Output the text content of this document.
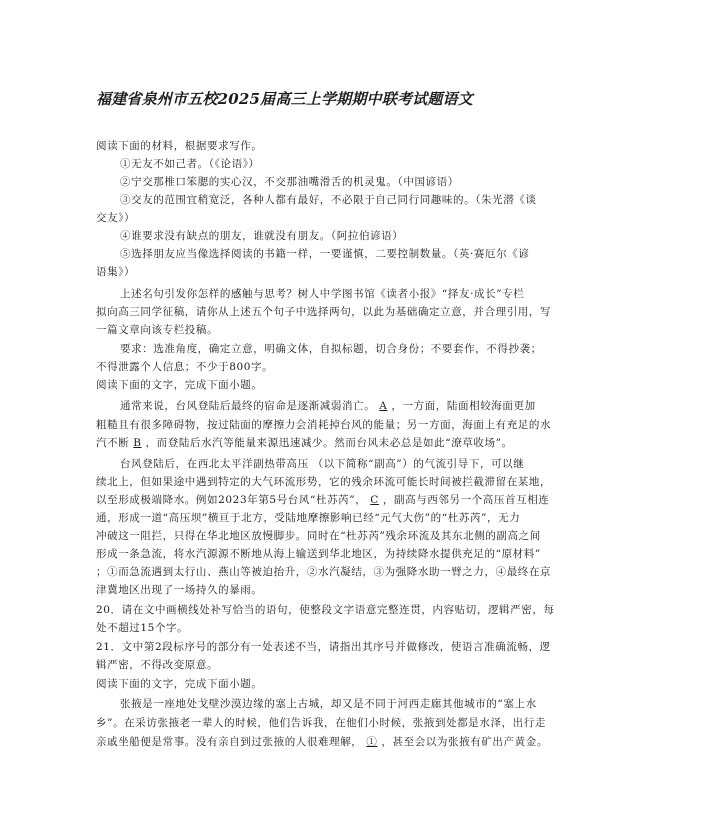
福建省泉州市五校2025届高三上学期期中联考试题语文
阅读下面的材料，根据要求写作。
①无友不如己者。（《论语》）
②宁交那椎口笨腮的实心汉，不交那油嘴滑舌的机灵鬼。（中国谚语）
③交友的范围宜稍宽泛，各种人都有最好，不必限于自己同行同趣味的。（朱光潜《谈
交友》）
④谁要求没有缺点的朋友，谁就没有朋友。（阿拉伯谚语）
⑤选择朋友应当像选择阅读的书籍一样，一要谨慎，二要控制数量。（英·赛厄尔《谚
语集》）
上述名句引发你怎样的感触与思考？树人中学图书馆《读者小报》“择友·成长”专栏
拟向高三同学征稿，请你从上述五个句子中选择两句，以此为基础确定立意，并合理引用，写
一篇文章向该专栏投稿。
要求：选准角度，确定立意，明确文体，自拟标题，切合身份；不要套作，不得抄袭；
不得泄露个人信息；不少于800字。
阅读下面的文字，完成下面小题。
通常来说，台风登陆后最终的宿命是逐渐减弱消亡。 A ，一方面，陆面相较海面更加
粗糙且有很多障碍物，按过陆面的摩擦力会消耗掉台风的能量；另一方面，海面上有充足的水
汽不断 B ，而登陆后水汽等能量来源迅速减少。然而台风未必总是如此“潦草收场”。
台风登陆后，在西北太平洋副热带高压 （以下简称“副高”）的气流引导下，可以继
续北上，但如果途中遇到特定的大气环流形势，它的残余环流可能长时间被拦截滞留在某地，
以至形成极端降水。例如2023年第5号台风“杜苏芮”， C ，副高与西邻另一个高压首互相连
通，形成一道“高压坝”横亘于北方，受陆地摩擦影响已经“元气大伤”的“杜苏芮”，无力
冲破这一阻拦，只得在华北地区放慢脚步。同时在“杜苏芮”残余环流及其东北侧的副高之间
形成一条急流，将水汽源源不断地从海上输送到华北地区，为持续降水提供充足的“原材料”
；①而急流遇到太行山、燕山等被迫抬升，②水汽凝结，③为强降水助一臂之力，④最终在京
津冀地区出现了一场持久的暴雨。
20．请在文中画横线处补写恰当的语句，使整段文字语意完整连贯，内容贴切，逻辑严密，每
处不超过15个字。
21．文中第2段标序号的部分有一处表述不当，请指出其序号并做修改，使语言准确流畅，逻
辑严密，不得改变原意。
阅读下面的文字，完成下面小题。
张掖是一座地处戈壁沙漠边缘的塞上古城，却又是不同于河西走廊其他城市的“塞上水
乡”。在采访张掖老一辈人的时候，他们告诉我，在他们小时候，张掖到处都是水泽，出行走
亲戚坐船便是常事。没有亲自到过张掖的人很难理解， ① ，甚至会以为张掖有矿出产黄金。
